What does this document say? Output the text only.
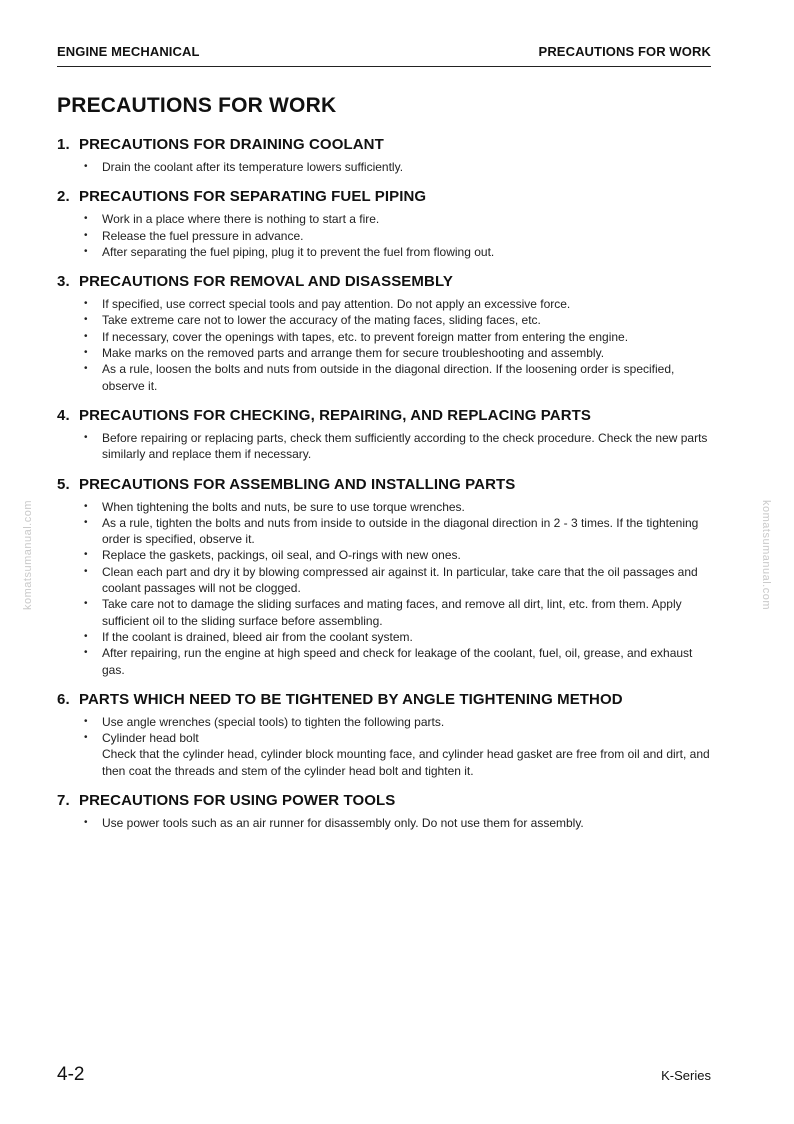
ENGINE MECHANICAL	PRECAUTIONS FOR WORK
PRECAUTIONS FOR WORK
1. PRECAUTIONS FOR DRAINING COOLANT
• Drain the coolant after its temperature lowers sufficiently.
2. PRECAUTIONS FOR SEPARATING FUEL PIPING
• Work in a place where there is nothing to start a fire.
• Release the fuel pressure in advance.
• After separating the fuel piping, plug it to prevent the fuel from flowing out.
3. PRECAUTIONS FOR REMOVAL AND DISASSEMBLY
• If specified, use correct special tools and pay attention. Do not apply an excessive force.
• Take extreme care not to lower the accuracy of the mating faces, sliding faces, etc.
• If necessary, cover the openings with tapes, etc. to prevent foreign matter from entering the engine.
• Make marks on the removed parts and arrange them for secure troubleshooting and assembly.
• As a rule, loosen the bolts and nuts from outside in the diagonal direction. If the loosening order is specified, observe it.
4. PRECAUTIONS FOR CHECKING, REPAIRING, AND REPLACING PARTS
• Before repairing or replacing parts, check them sufficiently according to the check procedure. Check the new parts similarly and replace them if necessary.
5. PRECAUTIONS FOR ASSEMBLING AND INSTALLING PARTS
• When tightening the bolts and nuts, be sure to use torque wrenches.
• As a rule, tighten the bolts and nuts from inside to outside in the diagonal direction in 2 - 3 times. If the tightening order is specified, observe it.
• Replace the gaskets, packings, oil seal, and O-rings with new ones.
• Clean each part and dry it by blowing compressed air against it. In particular, take care that the oil passages and coolant passages will not be clogged.
• Take care not to damage the sliding surfaces and mating faces, and remove all dirt, lint, etc. from them. Apply sufficient oil to the sliding surface before assembling.
• If the coolant is drained, bleed air from the coolant system.
• After repairing, run the engine at high speed and check for leakage of the coolant, fuel, oil, grease, and exhaust gas.
6. PARTS WHICH NEED TO BE TIGHTENED BY ANGLE TIGHTENING METHOD
• Use angle wrenches (special tools) to tighten the following parts.
• Cylinder head bolt
Check that the cylinder head, cylinder block mounting face, and cylinder head gasket are free from oil and dirt, and then coat the threads and stem of the cylinder head bolt and tighten it.
7. PRECAUTIONS FOR USING POWER TOOLS
• Use power tools such as an air runner for disassembly only. Do not use them for assembly.
komatsumanual.com	komatsumanual.com
4-2	K-Series
